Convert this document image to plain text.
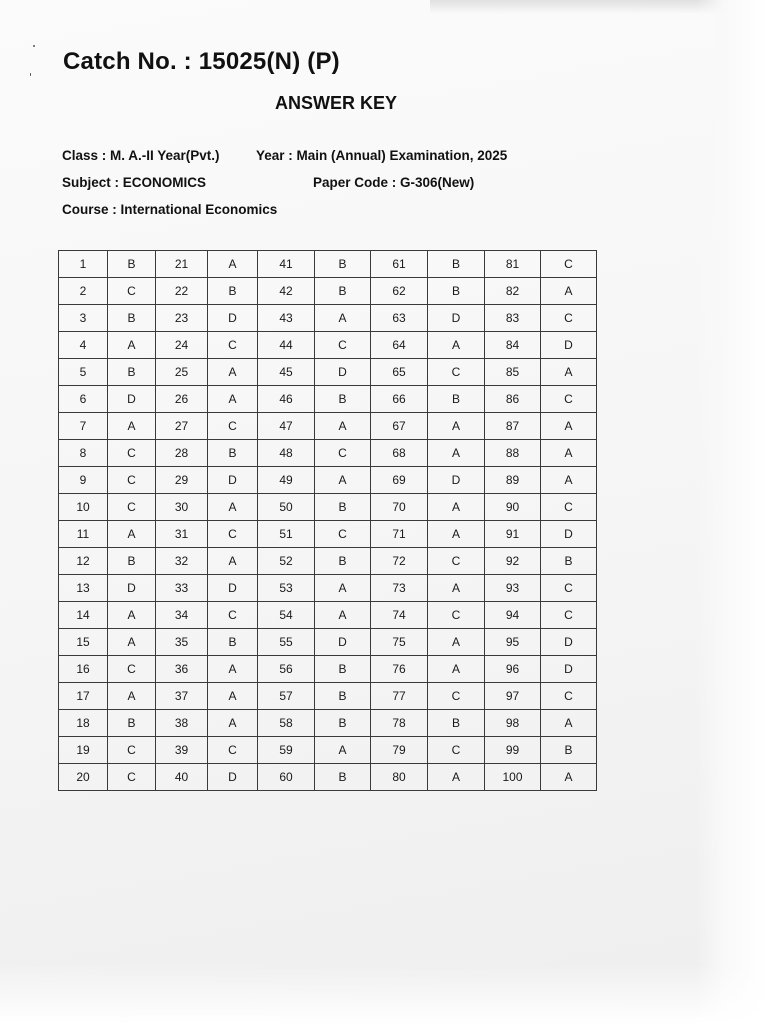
Catch No. : 15025(N) (P)
ANSWER KEY
Class : M. A.-II Year(Pvt.)	Year : Main (Annual) Examination, 2025
Subject : ECONOMICS	Paper Code : G-306(New)
Course : International Economics
1	B	21	A	41	B	61	B	81	C
2	C	22	B	42	B	62	B	82	A
3	B	23	D	43	A	63	D	83	C
4	A	24	C	44	C	64	A	84	D
5	B	25	A	45	D	65	C	85	A
6	D	26	A	46	B	66	B	86	C
7	A	27	C	47	A	67	A	87	A
8	C	28	B	48	C	68	A	88	A
9	C	29	D	49	A	69	D	89	A
10	C	30	A	50	B	70	A	90	C
11	A	31	C	51	C	71	A	91	D
12	B	32	A	52	B	72	C	92	B
13	D	33	D	53	A	73	A	93	C
14	A	34	C	54	A	74	C	94	C
15	A	35	B	55	D	75	A	95	D
16	C	36	A	56	B	76	A	96	D
17	A	37	A	57	B	77	C	97	C
18	B	38	A	58	B	78	B	98	A
19	C	39	C	59	A	79	C	99	B
20	C	40	D	60	B	80	A	100	A
